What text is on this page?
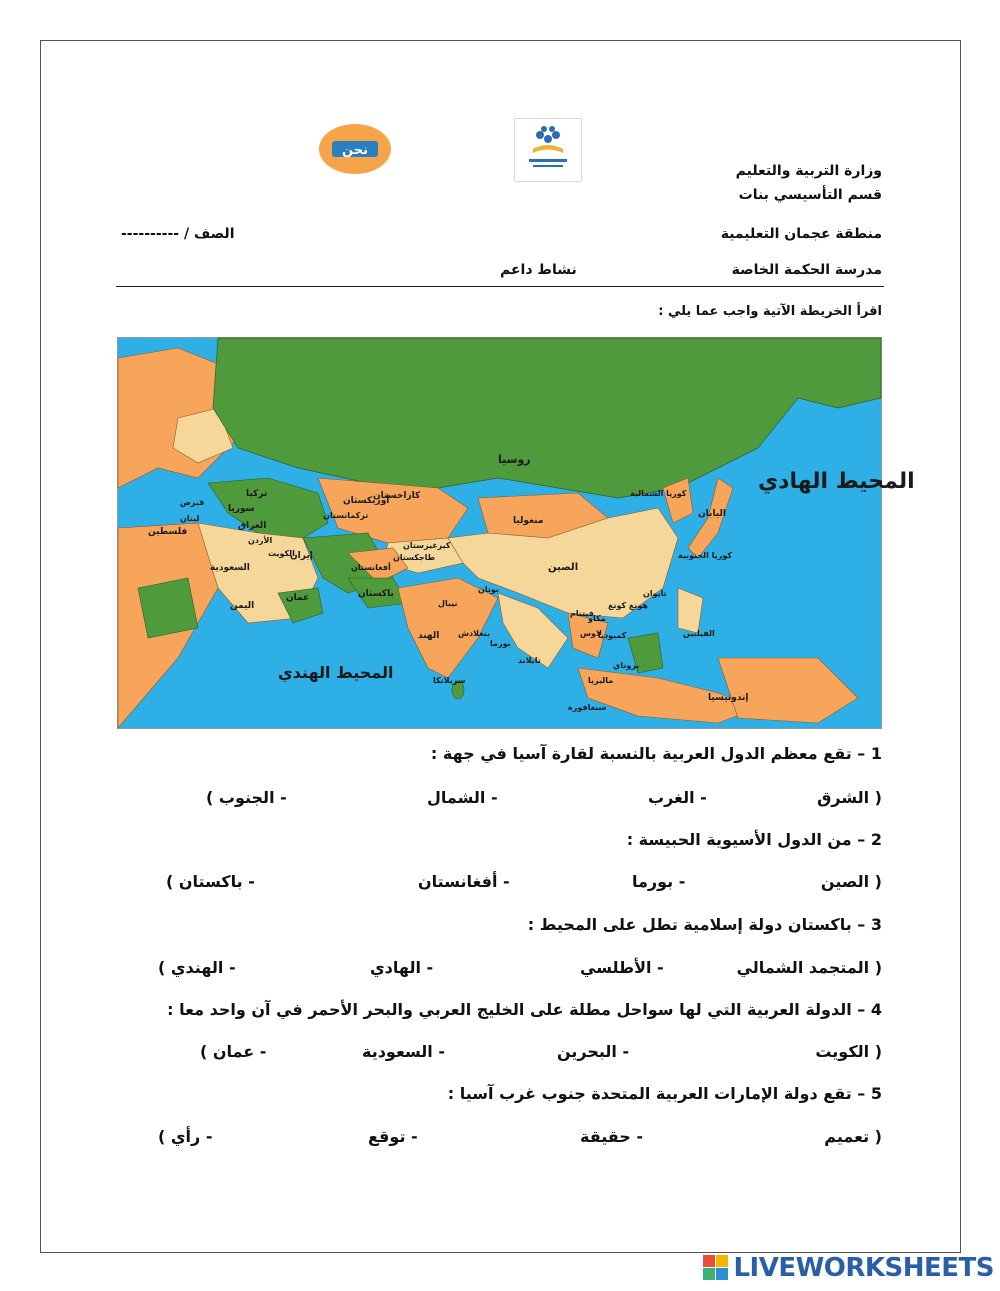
نحن
وزارة التربية والتعليم
قسم التأسيسي بنات
منطقة عجمان التعليمية
الصف / ----------
مدرسة الحكمة الخاصة
نشاط داعم
اقرأ الخريطة الآتية واجب عما يلي :
روسيا
المحيط الهادي
المحيط الهندي
تركيا
سوريا
قبرص
لبنان
فلسطين
العراق
الأردن
الكويت
السعودية
اليمن
عمان
إيران
كازاخستان
أوزبكستان
تركمانستان
كيرغيزستان
طاجكستان
أفغانستان
باكستان
منغوليا
الصين
الهند
بوتان
نيبال
بنغلادش
بورما
فيتنام
تايلاند
لاوس
كمبوديا
ماليزيا
إندونيسيا
سنغافورة
سريلانكا
الفيلبين
اليابان
كوريا الشمالية
كوريا الجنوبية
تايوان
هونغ كونغ
مكاو
بروناي
1 – تقع معظم الدول العربية بالنسبة لقارة آسيا في جهة :
( الشرق
- الغرب
- الشمال
- الجنوب )
2 – من الدول الأسيوية الحبيسة :
( الصين
- بورما
- أفغانستان
- باكستان )
3 – باكستان دولة إسلامية تطل على المحيط :
( المتجمد الشمالي
- الأطلسي
- الهادي
- الهندي )
4 – الدولة العربية التي لها سواحل مطلة على الخليج العربي والبحر الأحمر في آن واحد معا :
( الكويت
- البحرين
- السعودية
- عمان )
5 – تقع دولة الإمارات العربية المتحدة جنوب غرب آسيا :
( تعميم
- حقيقة
- توقع
- رأي )
LIVEWORKSHEETS
